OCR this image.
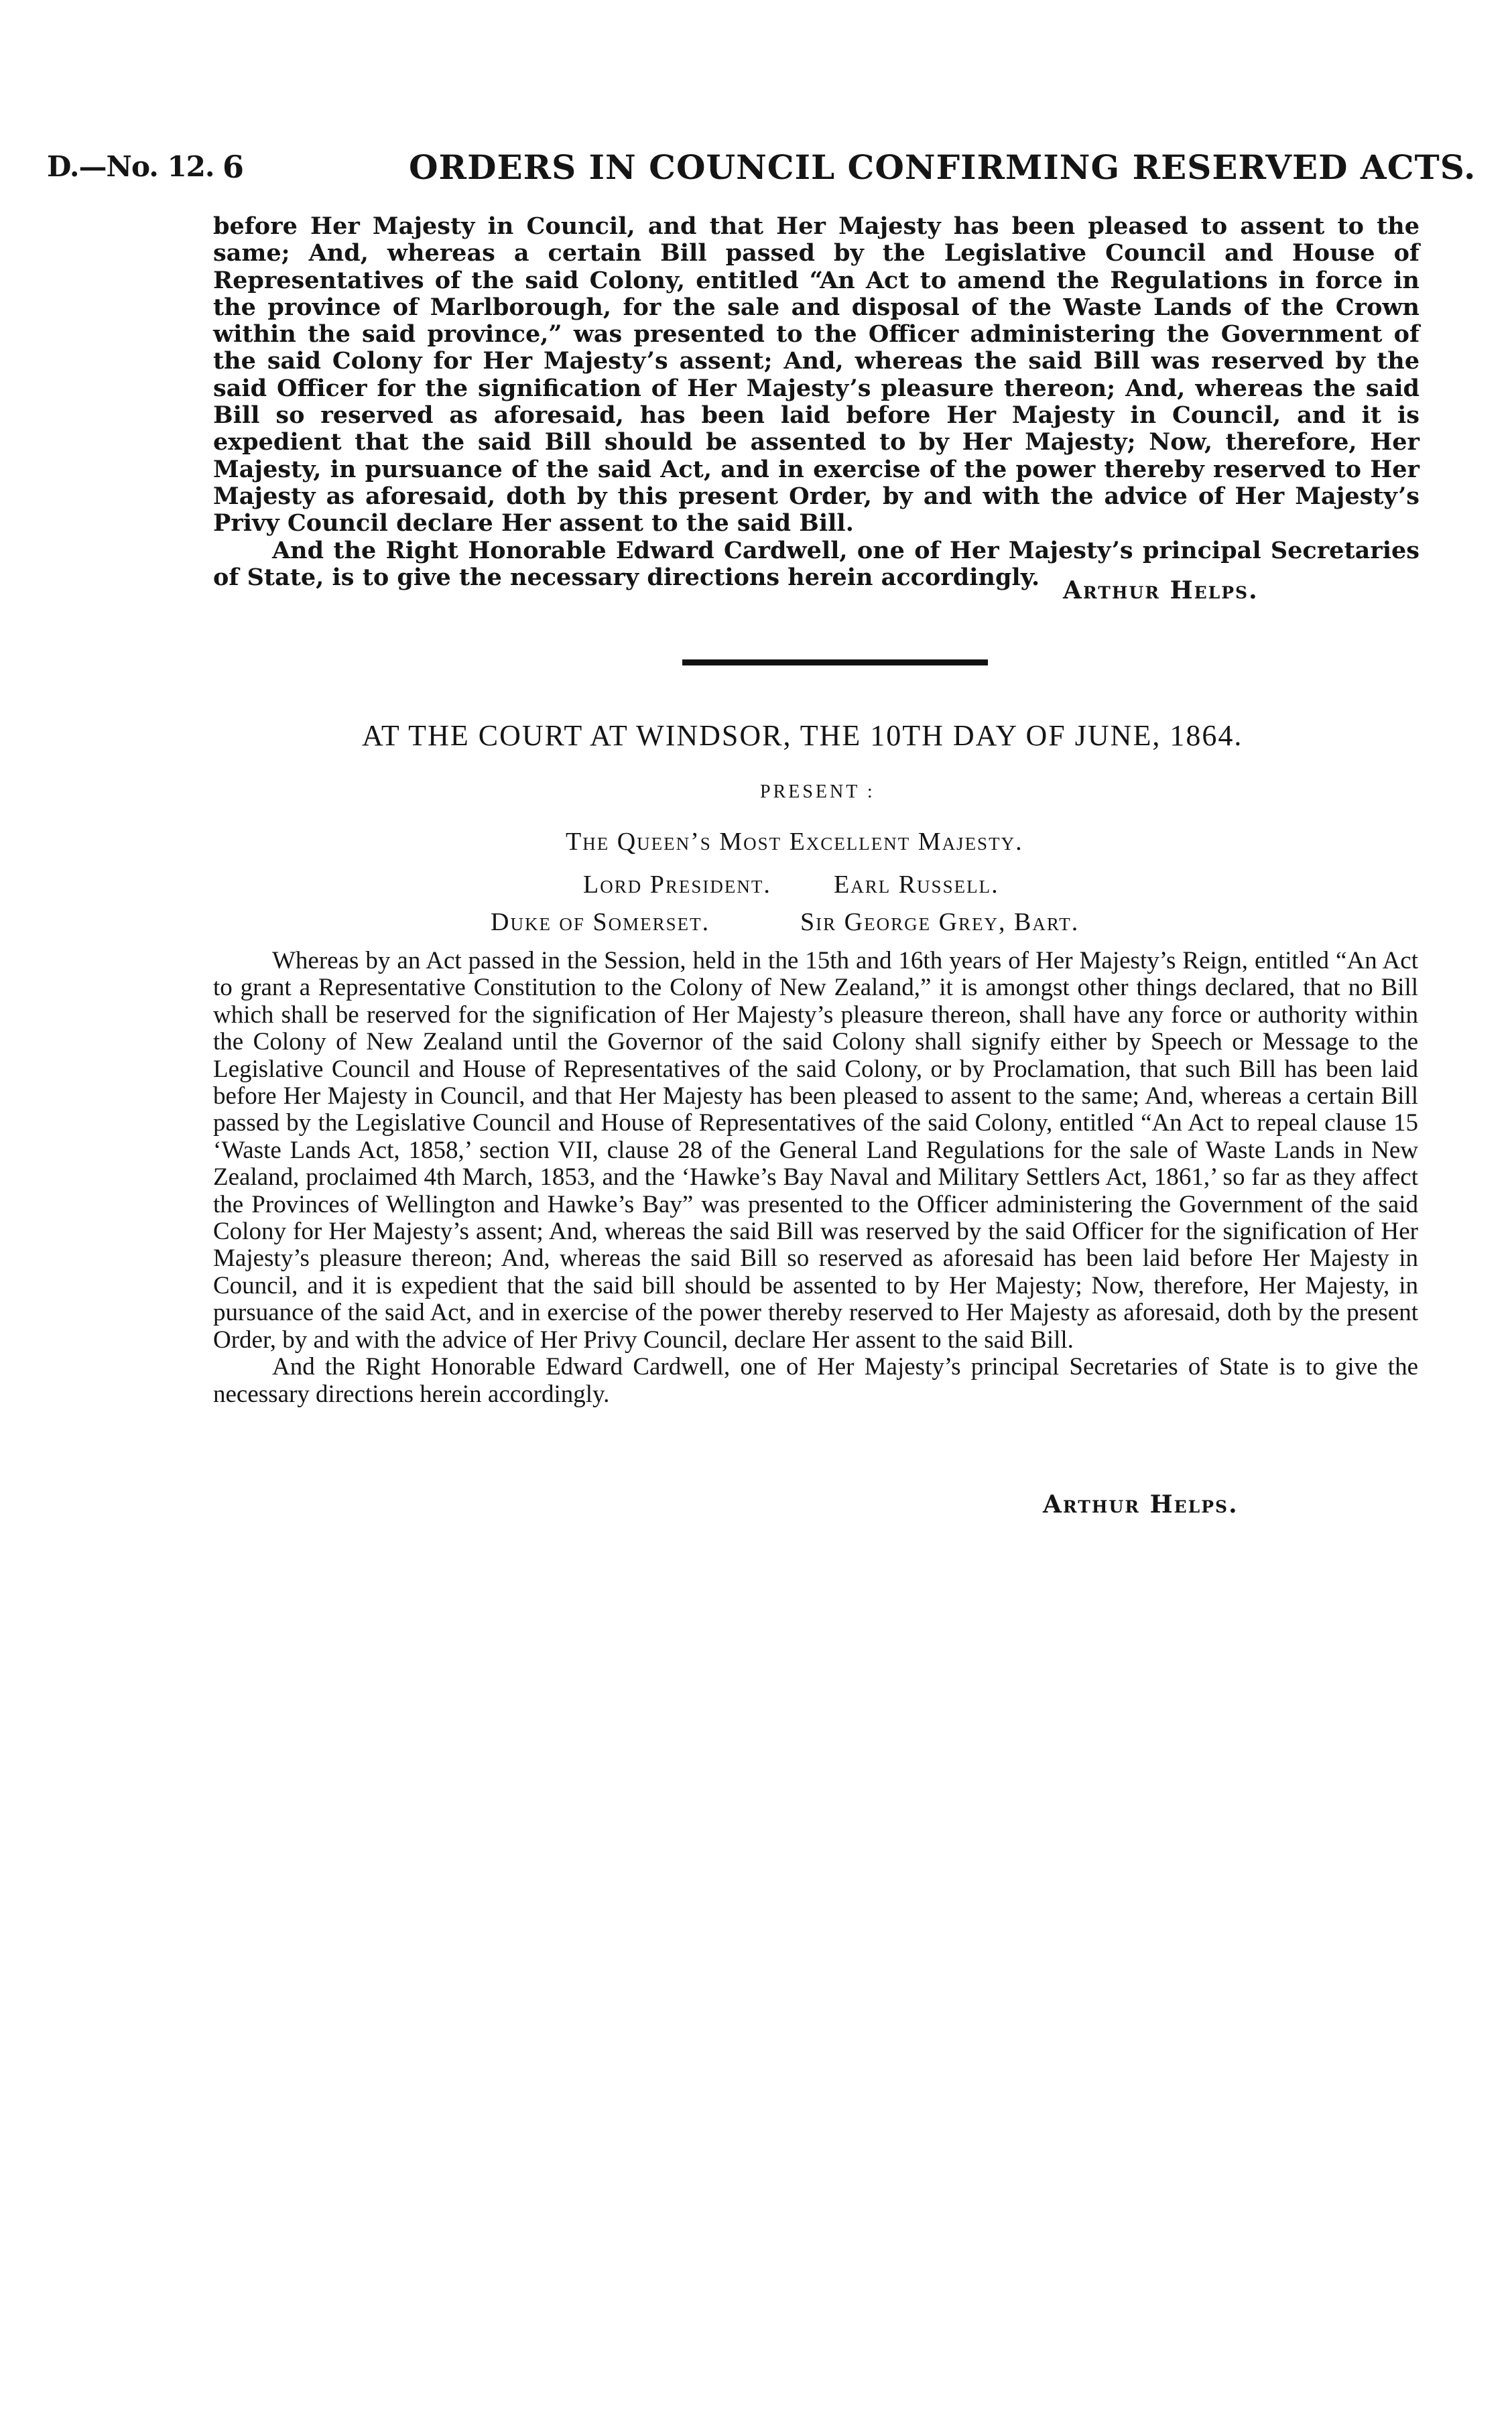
D.—No. 12. 6	ORDERS IN COUNCIL CONFIRMING RESERVED ACTS.

before Her Majesty in Council, and that Her Majesty has been pleased to assent to the same; And, whereas a certain Bill passed by the Legislative Council and House of Representatives of the said Colony, entitled “An Act to amend the Regulations in force in the province of Marlborough, for the sale and disposal of the Waste Lands of the Crown within the said province,” was presented to the Officer administering the Government of the said Colony for Her Majesty’s assent; And, whereas the said Bill was reserved by the said Officer for the signification of Her Majesty’s pleasure thereon; And, whereas the said Bill so reserved as aforesaid, has been laid before Her Majesty in Council, and it is expedient that the said Bill should be assented to by Her Majesty; Now, therefore, Her Majesty, in pursuance of the said Act, and in exercise of the power thereby reserved to Her Majesty as aforesaid, doth by this present Order, by and with the advice of Her Majesty’s Privy Council declare Her assent to the said Bill.

And the Right Honorable Edward Cardwell, one of Her Majesty’s principal Secretaries of State, is to give the necessary directions herein accordingly. Arthur Helps.
AT THE COURT AT WINDSOR, THE 10TH DAY OF JUNE, 1864.
PRESENT :
The Queen’s Most Excellent Majesty.
Lord President. Earl Russell.
Duke of Somerset.	Sir George Grey, Bart.

Whereas by an Act passed in the Session, held in the 15th and 16th years of Her Majesty’s Reign, entitled “An Act to grant a Representative Constitution to the Colony of New Zealand,” it is amongst other things declared, that no Bill which shall be reserved for the signification of Her Majesty’s pleasure thereon, shall have any force or authority within the Colony of New Zealand until the Governor of the said Colony shall signify either by Speech or Message to the Legislative Council and House of Representatives of the said Colony, or by Proclamation, that such Bill has been laid before Her Majesty in Council, and that Her Majesty has been pleased to assent to the same; And, whereas a certain Bill passed by the Legislative Council and House of Representatives of the said Colony, entitled “An Act to repeal clause 15 ‘Waste Lands Act, 1858,’ section VII, clause 28 of the General Land Regulations for the sale of Waste Lands in New Zealand, proclaimed 4th March, 1853, and the ‘Hawke’s Bay Naval and Military Settlers Act, 1861,’ so far as they affect the Provinces of Wellington and Hawke’s Bay” was presented to the Officer administering the Government of the said Colony for Her Majesty’s assent; And, whereas the said Bill was reserved by the said Officer for the signification of Her Majesty’s pleasure thereon; And, whereas the said Bill so reserved as aforesaid has been laid before Her Majesty in Council, and it is expedient that the said bill should be assented to by Her Majesty; Now, therefore, Her Majesty, in pursuance of the said Act, and in exercise of the power thereby reserved to Her Majesty as aforesaid, doth by the present Order, by and with the advice of Her Privy Council, declare Her assent to the said Bill.

And the Right Honorable Edward Cardwell, one of Her Majesty’s principal Secretaries of State is to give the necessary directions herein accordingly.

Arthur Helps.
